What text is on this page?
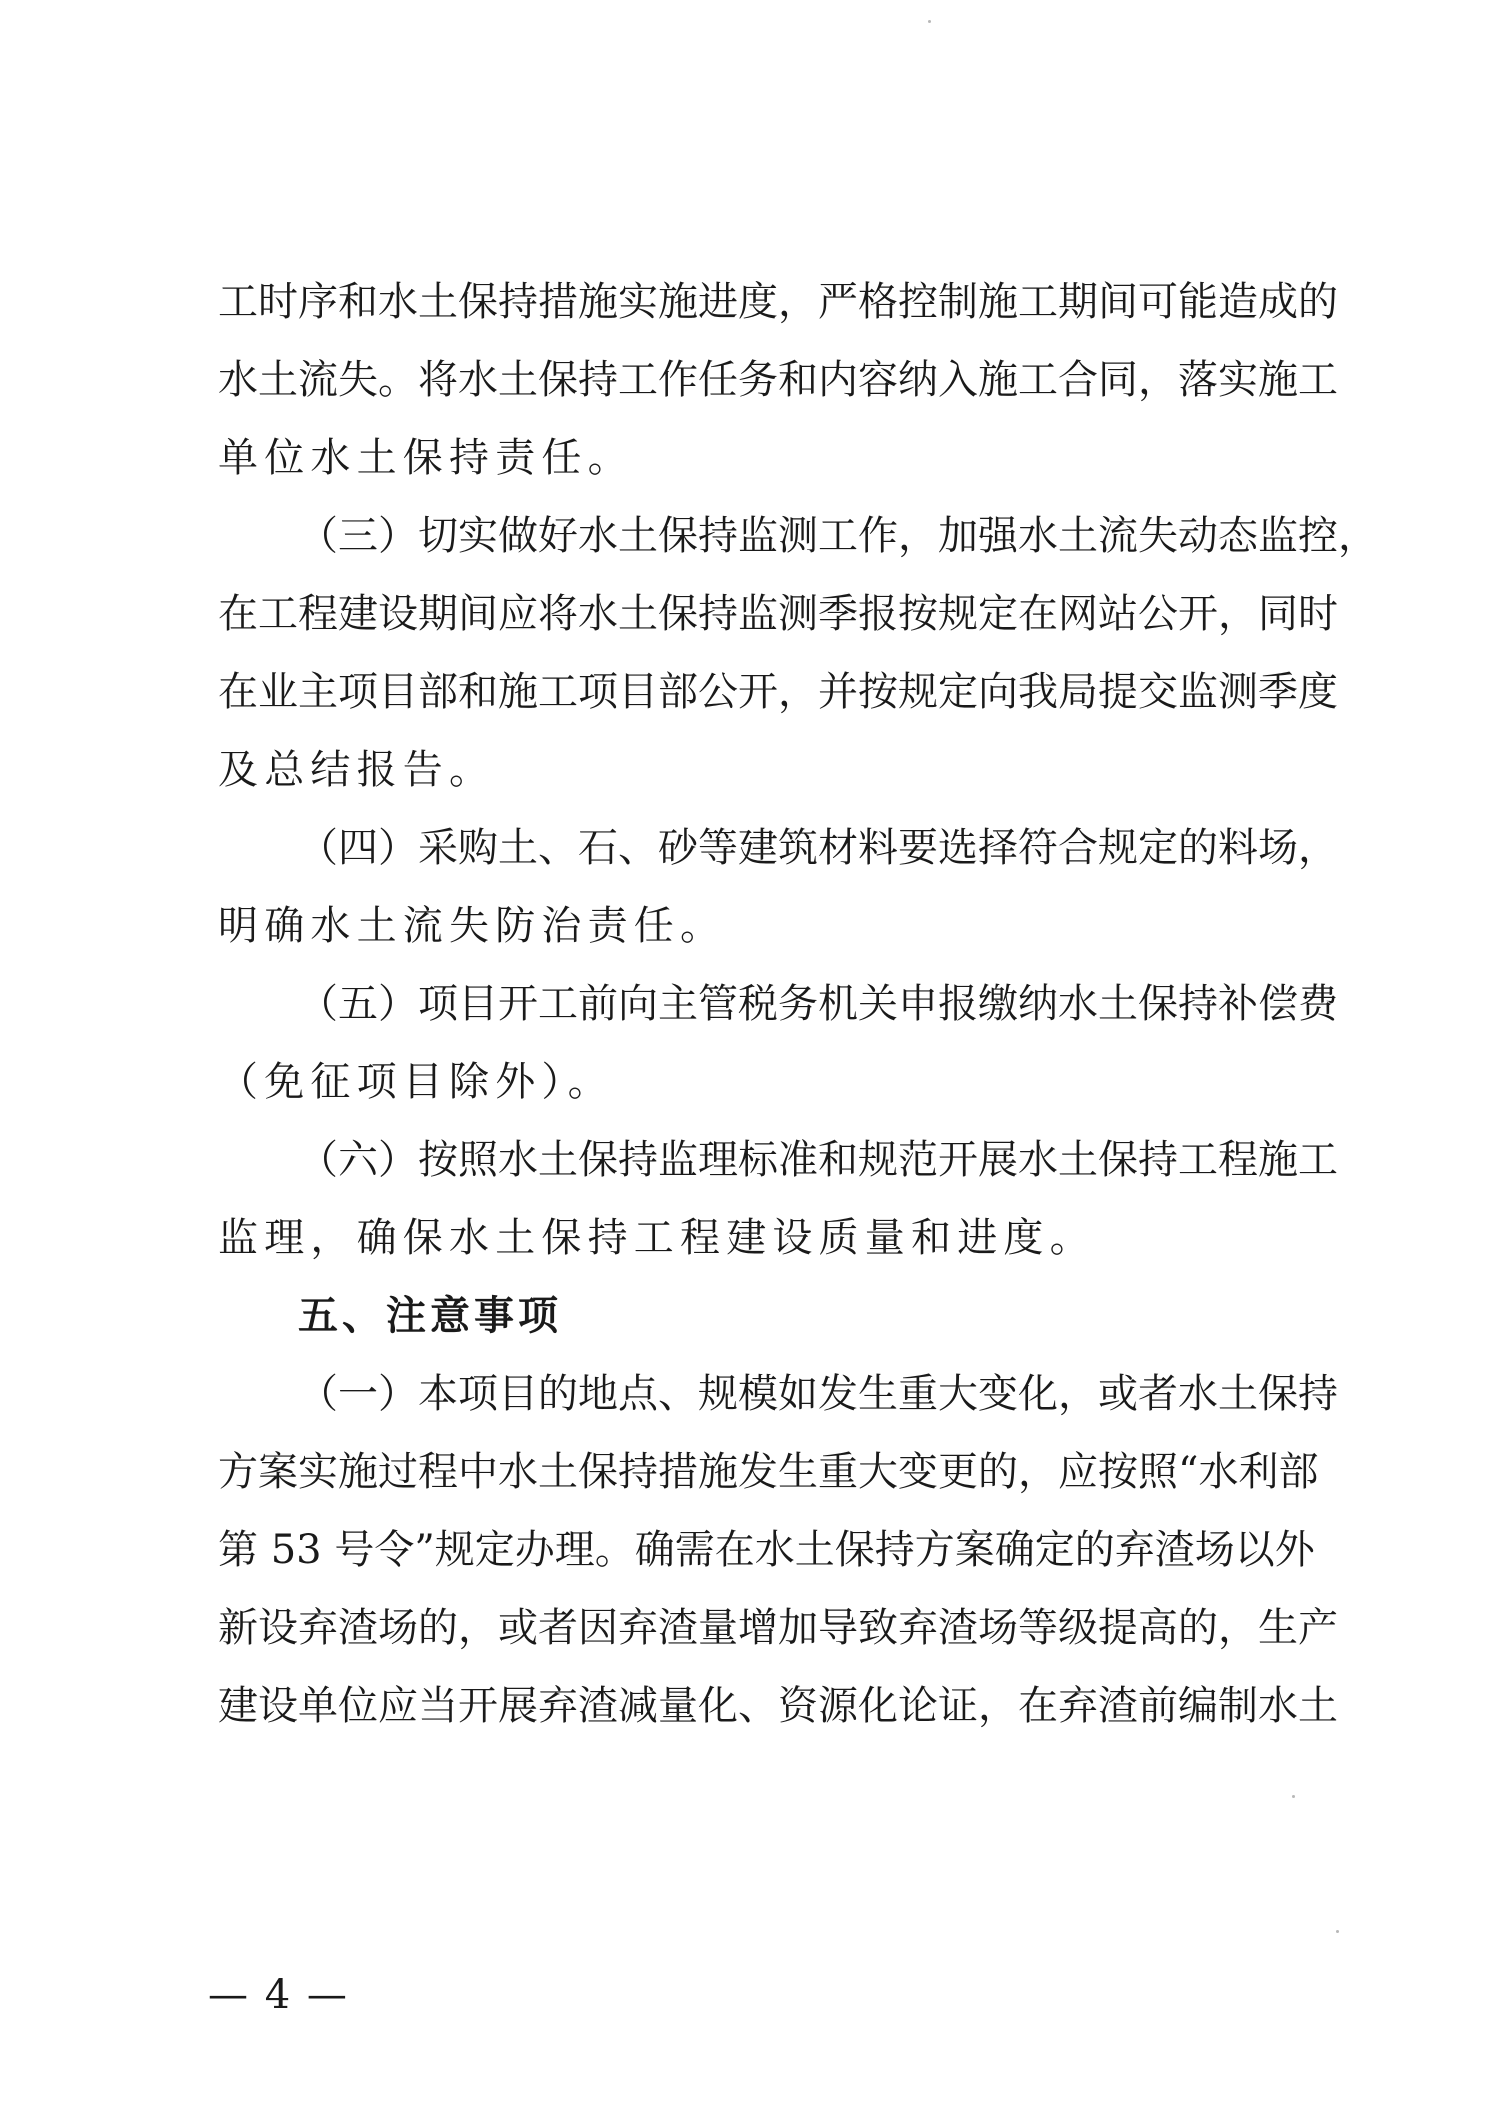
工时序和水土保持措施实施进度，严格控制施工期间可能造成的
水土流失。将水土保持工作任务和内容纳入施工合同，落实施工
单位水土保持责任。
（三）切实做好水土保持监测工作，加强水土流失动态监控，
在工程建设期间应将水土保持监测季报按规定在网站公开，同时
在业主项目部和施工项目部公开，并按规定向我局提交监测季度
及总结报告。
（四）采购土、石、砂等建筑材料要选择符合规定的料场，
明确水土流失防治责任。
（五）项目开工前向主管税务机关申报缴纳水土保持补偿费
（免征项目除外）。
（六）按照水土保持监理标准和规范开展水土保持工程施工
监理，确保水土保持工程建设质量和进度。
五、注意事项
（一）本项目的地点、规模如发生重大变化，或者水土保持
方案实施过程中水土保持措施发生重大变更的，应按照“水利部
第 53 号令”规定办理。确需在水土保持方案确定的弃渣场以外
新设弃渣场的，或者因弃渣量增加导致弃渣场等级提高的，生产
建设单位应当开展弃渣减量化、资源化论证，在弃渣前编制水土
— 4 —
